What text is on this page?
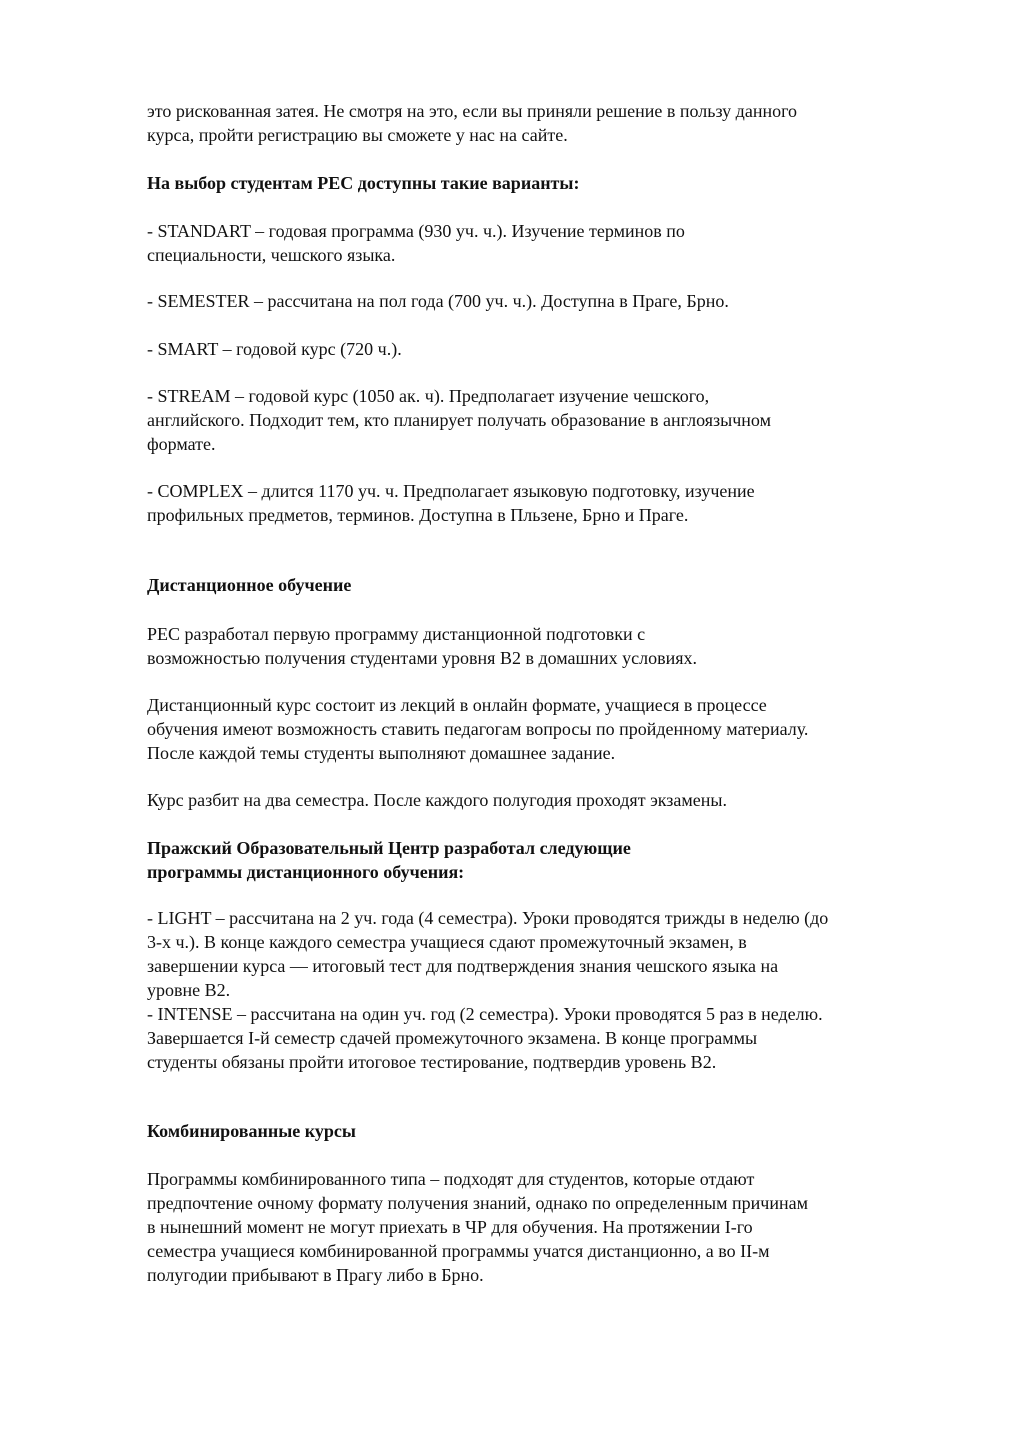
это рискованная затея. Не смотря на это, если вы приняли решение в пользу данного
курса, пройти регистрацию вы сможете у нас на сайте.
На выбор студентам PEC доступны такие варианты:
- STANDART – годовая программа (930 уч. ч.). Изучение терминов по
специальности, чешского языка.
- SEMESTER – рассчитана на пол года (700 уч. ч.). Доступна в Праге, Брно.
- SMART – годовой курс (720 ч.).
- STREAM – годовой курс (1050 ак. ч). Предполагает изучение чешского,
английского. Подходит тем, кто планирует получать образование в англоязычном
формате.
- COMPLEX – длится 1170 уч. ч. Предполагает языковую подготовку, изучение
профильных предметов, терминов. Доступна в Пльзене, Брно и Праге.
Дистанционное обучение
PEC разработал первую программу дистанционной подготовки с
возможностью получения студентами уровня B2 в домашних условиях.
Дистанционный курс состоит из лекций в онлайн формате, учащиеся в процессе
обучения имеют возможность ставить педагогам вопросы по пройденному материалу.
После каждой темы студенты выполняют домашнее задание.
Курс разбит на два семестра. После каждого полугодия проходят экзамены.
Пражский Образовательный Центр разработал следующие
программы дистанционного обучения:
- LIGHT – рассчитана на 2 уч. года (4 семестра). Уроки проводятся трижды в неделю (до
3-х ч.). В конце каждого семестра учащиеся сдают промежуточный экзамен, в
завершении курса — итоговый тест для подтверждения знания чешского языка на
уровне B2.
- INTENSE – рассчитана на один уч. год (2 семестра). Уроки проводятся 5 раз в неделю.
Завершается I-й семестр сдачей промежуточного экзамена. В конце программы
студенты обязаны пройти итоговое тестирование, подтвердив уровень B2.
Комбинированные курсы
Программы комбинированного типа – подходят для студентов, которые отдают
предпочтение очному формату получения знаний, однако по определенным причинам
в нынешний момент не могут приехать в ЧР для обучения. На протяжении I-го
семестра учащиеся комбинированной программы учатся дистанционно, а во II-м
полугодии прибывают в Прагу либо в Брно.
